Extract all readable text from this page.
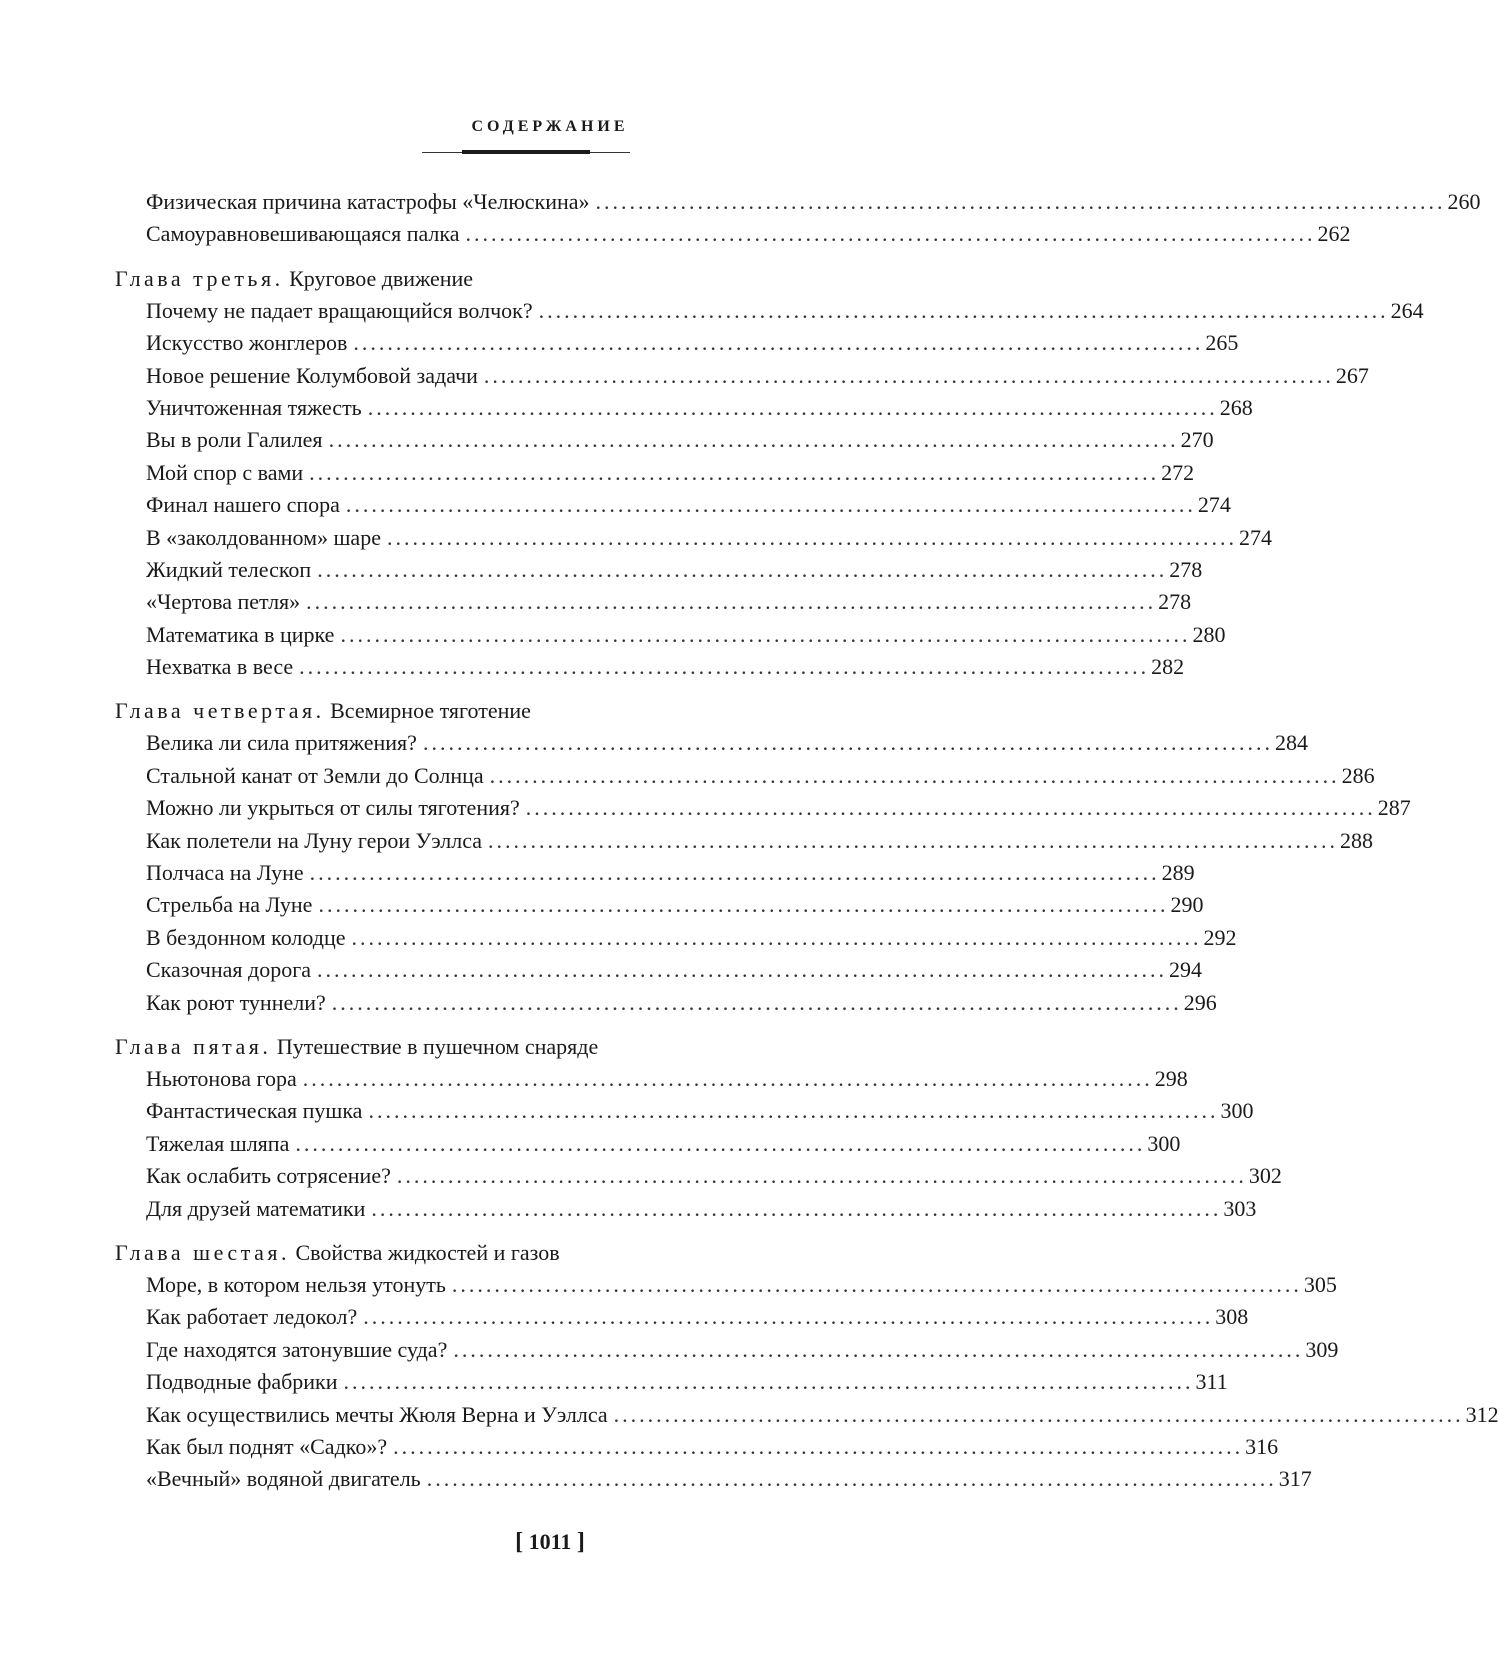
СОДЕРЖАНИЕ
Физическая причина катастрофы «Челюскина» .................................................................................................... 260
Самоуравновешивающаяся палка .................................................................................................... 262
Глава третья. Круговое движение
Почему не падает вращающийся волчок? .................................................................................................... 264
Искусство жонглеров .................................................................................................... 265
Новое решение Колумбовой задачи .................................................................................................... 267
Уничтоженная тяжесть .................................................................................................... 268
Вы в роли Галилея .................................................................................................... 270
Мой спор с вами .................................................................................................... 272
Финал нашего спора .................................................................................................... 274
В «заколдованном» шаре .................................................................................................... 274
Жидкий телескоп .................................................................................................... 278
«Чертова петля» .................................................................................................... 278
Математика в цирке .................................................................................................... 280
Нехватка в весе .................................................................................................... 282
Глава четвертая. Всемирное тяготение
Велика ли сила притяжения? .................................................................................................... 284
Стальной канат от Земли до Солнца .................................................................................................... 286
Можно ли укрыться от силы тяготения? .................................................................................................... 287
Как полетели на Луну герои Уэллса .................................................................................................... 288
Полчаса на Луне .................................................................................................... 289
Стрельба на Луне .................................................................................................... 290
В бездонном колодце .................................................................................................... 292
Сказочная дорога .................................................................................................... 294
Как роют туннели? .................................................................................................... 296
Глава пятая. Путешествие в пушечном снаряде
Ньютонова гора .................................................................................................... 298
Фантастическая пушка .................................................................................................... 300
Тяжелая шляпа .................................................................................................... 300
Как ослабить сотрясение? .................................................................................................... 302
Для друзей математики .................................................................................................... 303
Глава шестая. Свойства жидкостей и газов
Море, в котором нельзя утонуть .................................................................................................... 305
Как работает ледокол? .................................................................................................... 308
Где находятся затонувшие суда? .................................................................................................... 309
Подводные фабрики .................................................................................................... 311
Как осуществились мечты Жюля Верна и Уэллса .................................................................................................... 312
Как был поднят «Садко»? .................................................................................................... 316
«Вечный» водяной двигатель .................................................................................................... 317
[ 1011 ]
